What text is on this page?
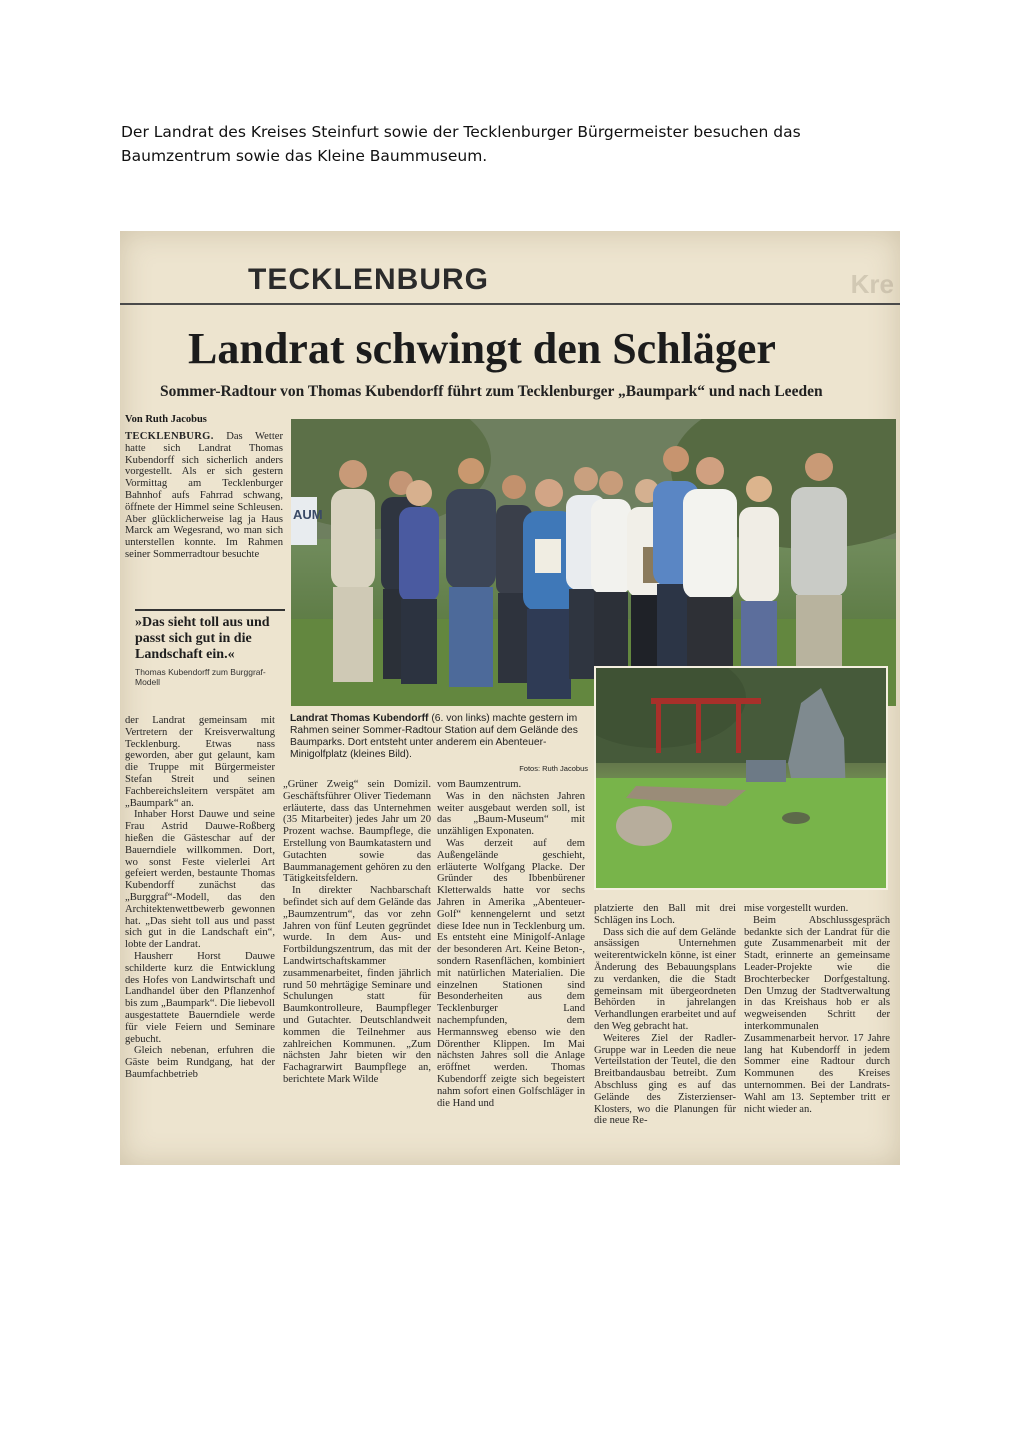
Der Landrat des Kreises Steinfurt sowie der Tecklenburger Bürgermeister besuchen das Baumzentrum sowie das Kleine Baummuseum.
Kre
TECKLENBURG
Landrat schwingt den Schläger
Sommer-Radtour von Thomas Kubendorff führt zum Tecklenburger „Baumpark“ und nach Leeden
Von Ruth Jacobus

TECKLENBURG. Das Wetter hatte sich Landrat Thomas Kubendorff sich sicherlich anders vorgestellt. Als er sich gestern Vormittag am Tecklenburger Bahnhof aufs Fahrrad schwang, öffnete der Himmel seine Schleusen. Aber glücklicherweise lag ja Haus Marck am Wegesrand, wo man sich unterstellen konnte. Im Rahmen seiner Sommerradtour besuchte

»Das sieht toll aus und passt sich gut in die Landschaft ein.«
Thomas Kubendorff zum Burggraf-Modell
AUM
Landrat Thomas Kubendorff (6. von links) machte gestern im Rahmen seiner Sommer-Radtour Station auf dem Gelände des Baumparks. Dort entsteht unter anderem ein Abenteuer-Minigolfplatz (kleines Bild).
Fotos: Ruth Jacobus

der Landrat gemeinsam mit Vertretern der Kreisverwaltung Tecklenburg. Etwas nass geworden, aber gut gelaunt, kam die Truppe mit Bürgermeister Stefan Streit und seinen Fachbereichsleitern verspätet am „Baumpark“ an.

Inhaber Horst Dauwe und seine Frau Astrid Dauwe-Roßberg hießen die Gästeschar auf der Bauerndiele willkommen. Dort, wo sonst Feste vielerlei Art gefeiert werden, bestaunte Thomas Kubendorff zunächst das „Burggraf“-Modell, das den Architektenwettbewerb gewonnen hat. „Das sieht toll aus und passt sich gut in die Landschaft ein“, lobte der Landrat.

Hausherr Horst Dauwe schilderte kurz die Entwicklung des Hofes von Landwirtschaft und Landhandel über den Pflanzenhof bis zum „Baumpark“. Die liebevoll ausgestattete Bauerndiele werde für viele Feiern und Seminare gebucht.

Gleich nebenan, erfuhren die Gäste beim Rundgang, hat der Baumfachbetrieb

„Grüner Zweig“ sein Domizil. Geschäftsführer Oliver Tiedemann erläuterte, dass das Unternehmen (35 Mitarbeiter) jedes Jahr um 20 Prozent wachse. Baumpflege, die Erstellung von Baumkatastern und Gutachten sowie das Baummanagement gehören zu den Tätigkeitsfeldern.

In direkter Nachbarschaft befindet sich auf dem Gelände das „Baumzentrum“, das vor zehn Jahren von fünf Leuten gegründet wurde. In dem Aus- und Fortbildungszentrum, das mit der Landwirtschaftskammer zusammenarbeitet, finden jährlich rund 50 mehrtägige Seminare und Schulungen statt für Baumkontrolleure, Baumpfleger und Gutachter. Deutschlandweit kommen die Teilnehmer aus zahlreichen Kommunen. „Zum nächsten Jahr bieten wir den Fachagrarwirt Baumpflege an, berichtete Mark Wilde

vom Baumzentrum.

Was in den nächsten Jahren weiter ausgebaut werden soll, ist das „Baum-Museum“ mit unzähligen Exponaten.

Was derzeit auf dem Außengelände geschieht, erläuterte Wolfgang Placke. Der Gründer des Ibbenbürener Kletterwalds hatte vor sechs Jahren in Amerika „Abenteuer-Golf“ kennengelernt und setzt diese Idee nun in Tecklenburg um. Es entsteht eine Minigolf-Anlage der besonderen Art. Keine Beton-, sondern Rasenflächen, kombiniert mit natürlichen Materialien. Die einzelnen Stationen sind Besonderheiten aus dem Tecklenburger Land nachempfunden, dem Hermannsweg ebenso wie den Dörenther Klippen. Im Mai nächsten Jahres soll die Anlage eröffnet werden. Thomas Kubendorff zeigte sich begeistert nahm sofort einen Golfschläger in die Hand und

platzierte den Ball mit drei Schlägen ins Loch.

Dass sich die auf dem Gelände ansässigen Unternehmen weiterentwickeln könne, ist einer Änderung des Bebauungsplans zu verdanken, die die Stadt gemeinsam mit übergeordneten Behörden in jahrelangen Verhandlungen erarbeitet und auf den Weg gebracht hat.

Weiteres Ziel der Radler-Gruppe war in Leeden die neue Verteilstation der Teutel, die den Breitbandausbau betreibt. Zum Abschluss ging es auf das Gelände des Zisterzienser-Klosters, wo die Planungen für die neue Re-

mise vorgestellt wurden.

Beim Abschlussgespräch bedankte sich der Landrat für die gute Zusammenarbeit mit der Stadt, erinnerte an gemeinsame Leader-Projekte wie die Brochterbecker Dorfgestaltung. Den Umzug der Stadtverwaltung in das Kreishaus hob er als wegweisenden Schritt der interkommunalen Zusammenarbeit hervor. 17 Jahre lang hat Kubendorff in jedem Sommer eine Radtour durch Kommunen des Kreises unternommen. Bei der Landrats-Wahl am 13. September tritt er nicht wieder an.
